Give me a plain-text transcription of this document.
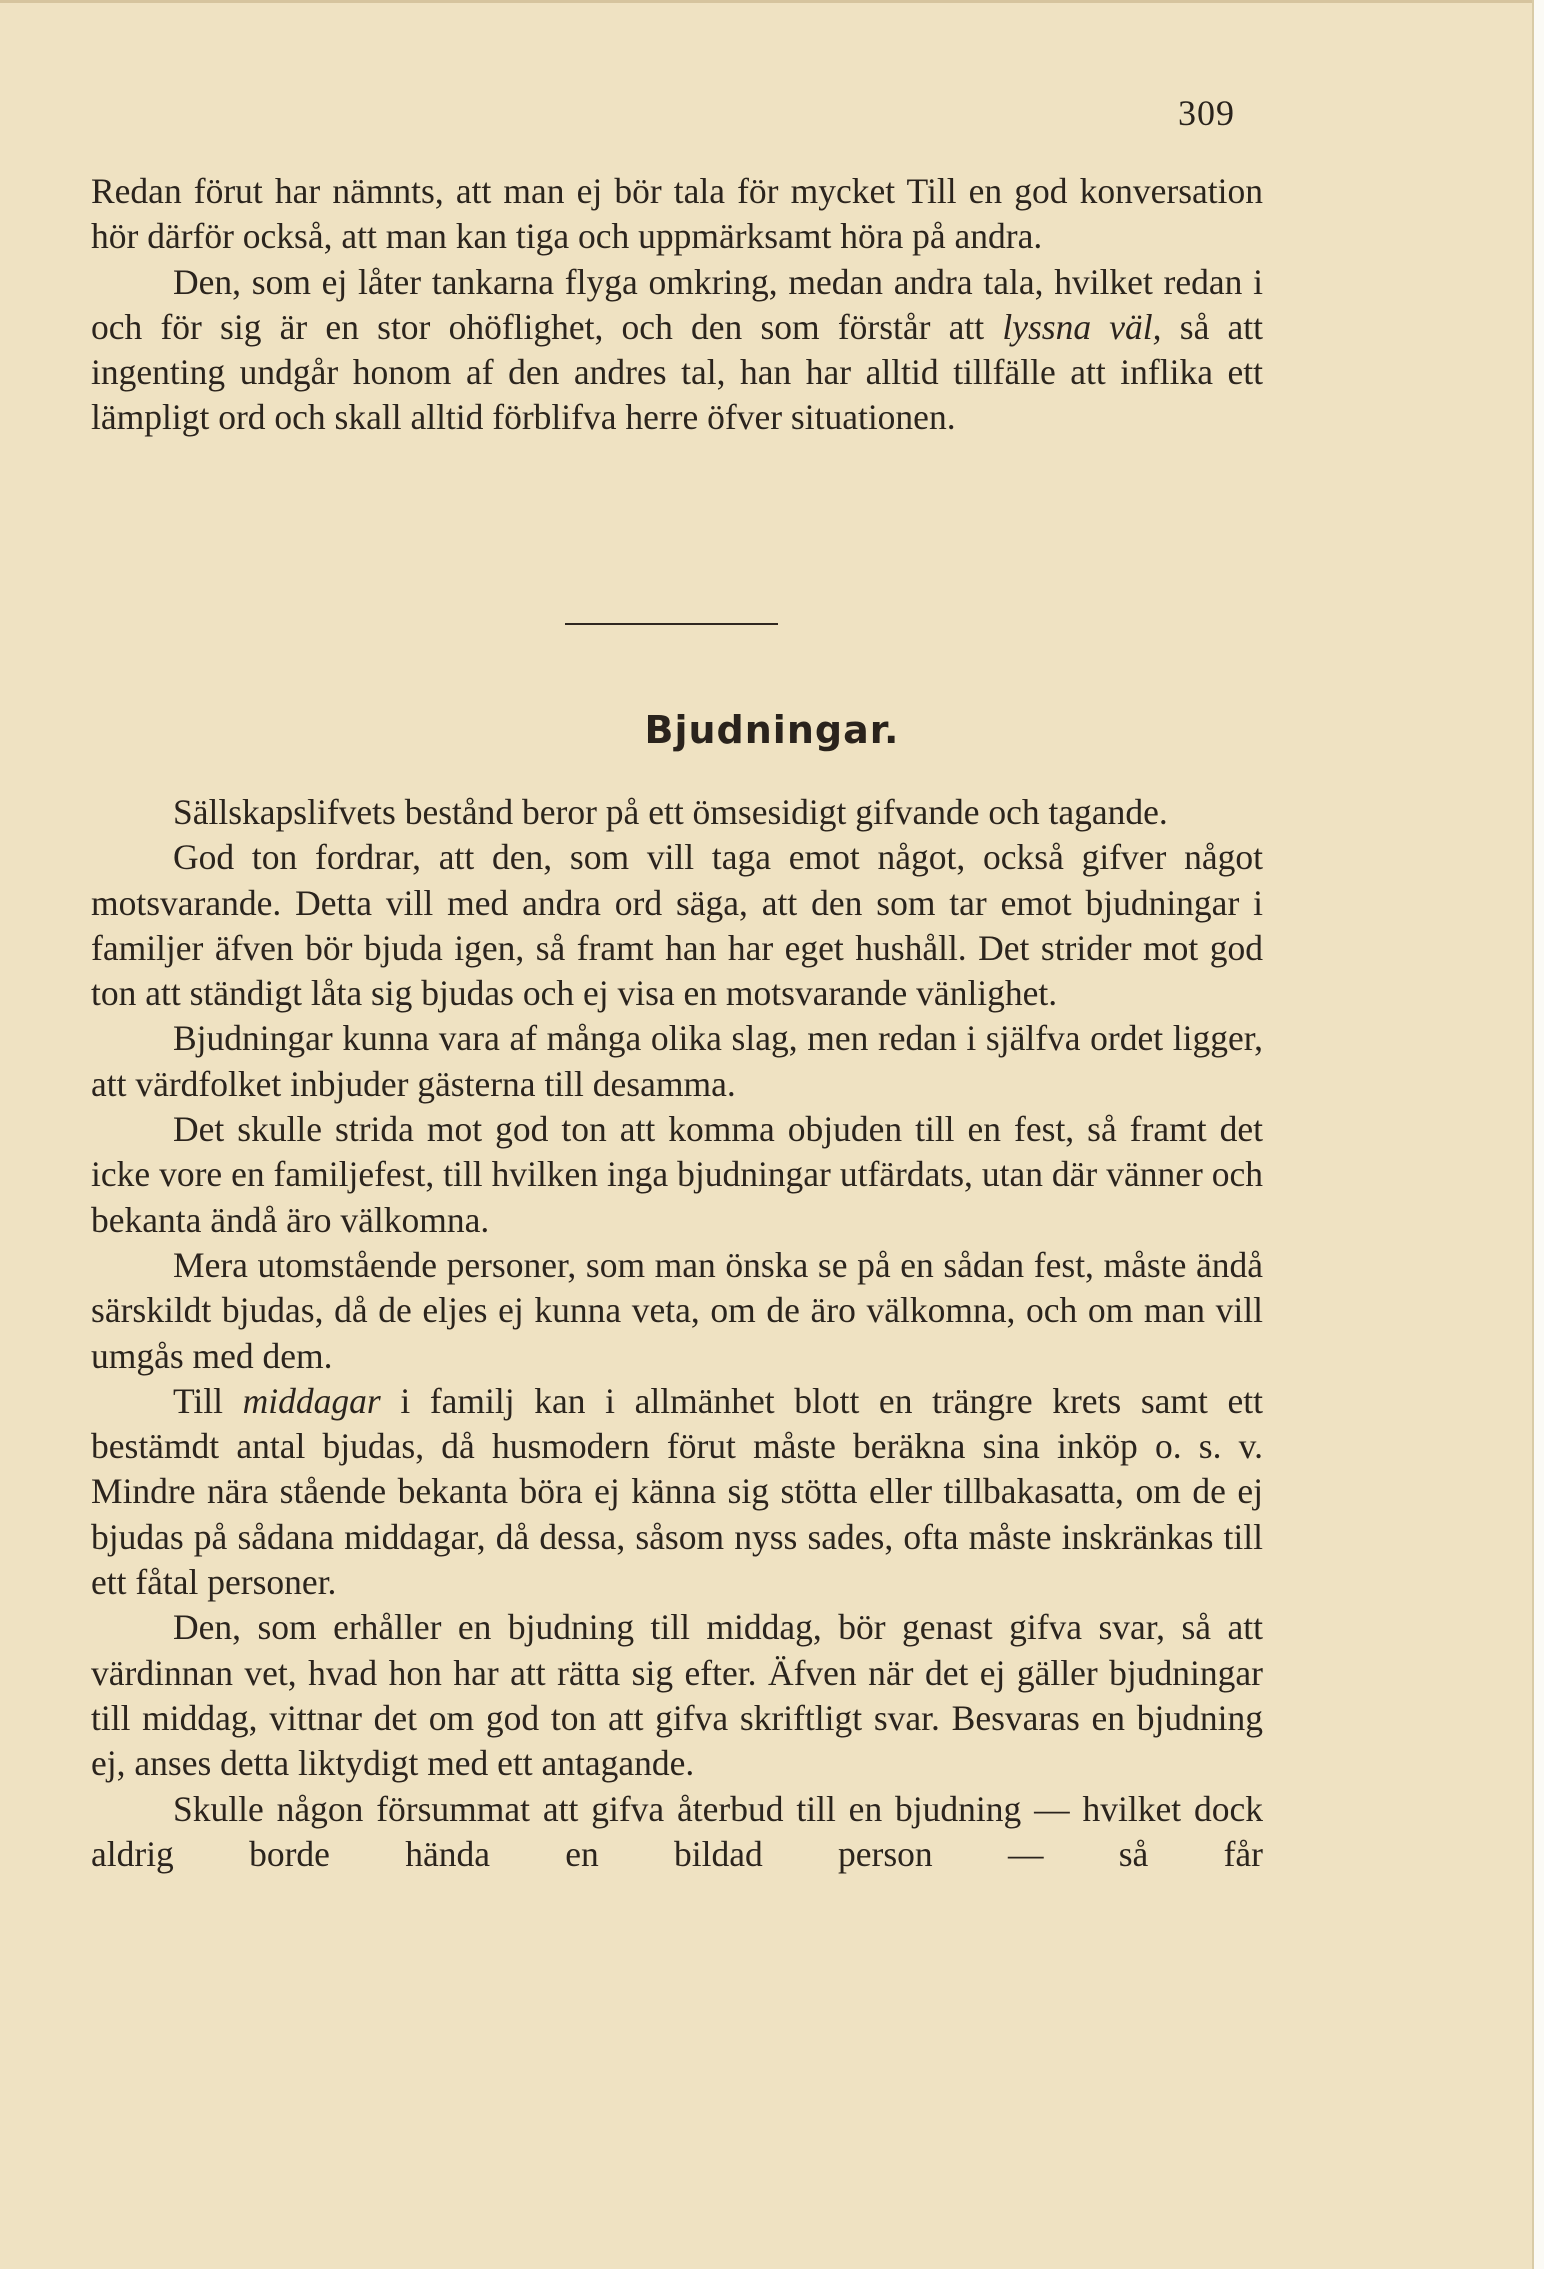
309

Redan förut har nämnts, att man ej bör tala för mycket Till en god konversation hör därför också, att man kan tiga och uppmärksamt höra på andra.

Den, som ej låter tankarna flyga omkring, medan andra tala, hvilket redan i och för sig är en stor ohöflighet, och den som förstår att lyssna väl, så att ingenting undgår honom af den andres tal, han har alltid tillfälle att inflika ett lämpligt ord och skall alltid förblifva herre öfver situationen.

Bjudningar.

Sällskapslifvets bestånd beror på ett ömsesidigt gifvande och tagande.

God ton fordrar, att den, som vill taga emot något, också gifver något motsvarande. Detta vill med andra ord säga, att den som tar emot bjudningar i familjer äfven bör bjuda igen, så framt han har eget hushåll. Det strider mot god ton att ständigt låta sig bjudas och ej visa en motsvarande vänlighet.

Bjudningar kunna vara af många olika slag, men redan i själfva ordet ligger, att värdfolket inbjuder gästerna till desamma.

Det skulle strida mot god ton att komma objuden till en fest, så framt det icke vore en familjefest, till hvilken inga bjudningar utfärdats, utan där vänner och bekanta ändå äro välkomna.

Mera utomstående personer, som man önska se på en sådan fest, måste ändå särskildt bjudas, då de eljes ej kunna veta, om de äro välkomna, och om man vill umgås med dem.

Till middagar i familj kan i allmänhet blott en trängre krets samt ett bestämdt antal bjudas, då husmodern förut måste beräkna sina inköp o. s. v. Mindre nära stående bekanta böra ej känna sig stötta eller tillbakasatta, om de ej bjudas på sådana middagar, då dessa, såsom nyss sades, ofta måste inskränkas till ett fåtal personer.

Den, som erhåller en bjudning till middag, bör genast gifva svar, så att värdinnan vet, hvad hon har att rätta sig efter. Äfven när det ej gäller bjudningar till middag, vittnar det om god ton att gifva skriftligt svar. Besvaras en bjudning ej, anses detta liktydigt med ett antagande.

Skulle någon försummat att gifva återbud till en bjudning — hvilket dock aldrig borde hända en bildad person — så får
